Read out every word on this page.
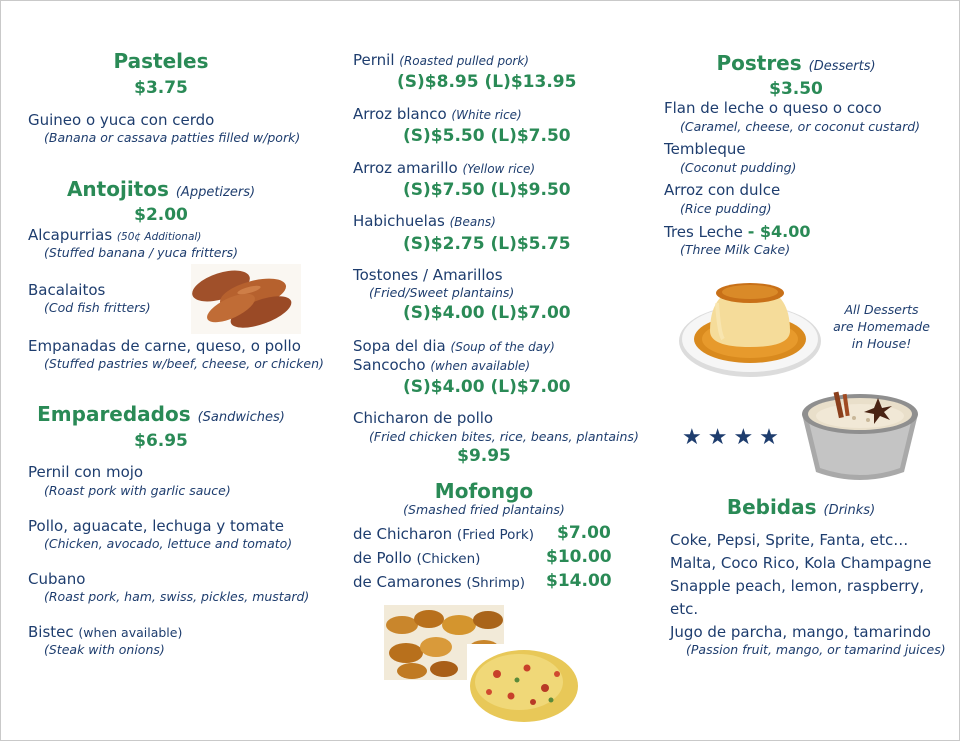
Pasteles
$3.75
Guineo o yuca con cerdo
(Banana or cassava patties filled w/pork)
Antojitos (Appetizers)
$2.00
Alcapurrias (50¢ Additional)
(Stuffed banana / yuca fritters)
Bacalaitos
(Cod fish fritters)
Empanadas de carne, queso, o pollo
(Stuffed pastries w/beef, cheese, or chicken)
Emparedados (Sandwiches)
$6.95
Pernil con mojo
(Roast pork with garlic sauce)
Pollo, aguacate, lechuga y tomate
(Chicken, avocado, lettuce and tomato)
Cubano
(Roast pork, ham, swiss, pickles, mustard)
Bistec (when available)
(Steak with onions)
Pernil (Roasted pulled pork)
(S)$8.95 (L)$13.95
Arroz blanco (White rice)
(S)$5.50 (L)$7.50
Arroz amarillo (Yellow rice)
(S)$7.50 (L)$9.50
Habichuelas (Beans)
(S)$2.75 (L)$5.75
Tostones / Amarillos
(Fried/Sweet plantains)
(S)$4.00 (L)$7.00
Sopa del dia (Soup of the day)
Sancocho (when available)
(S)$4.00 (L)$7.00
Chicharon de pollo
(Fried chicken bites, rice, beans, plantains)
$9.95
Mofongo
(Smashed fried plantains)
de Chicharon (Fried Pork) $7.00
de Pollo (Chicken)	$10.00
de Camarones (Shrimp) $14.00
Postres (Desserts)
$3.50
Flan de leche o queso o coco
(Caramel, cheese, or coconut custard)
Tembleque
(Coconut pudding)
Arroz con dulce
(Rice pudding)
Tres Leche - $4.00
(Three Milk Cake)
All Desserts
are Homemade
in House!
★★★★
Bebidas (Drinks)
Coke, Pepsi, Sprite, Fanta, etc…
Malta, Coco Rico, Kola Champagne
Snapple peach, lemon, raspberry,
etc.
Jugo de parcha, mango, tamarindo
(Passion fruit, mango, or tamarind juices)
